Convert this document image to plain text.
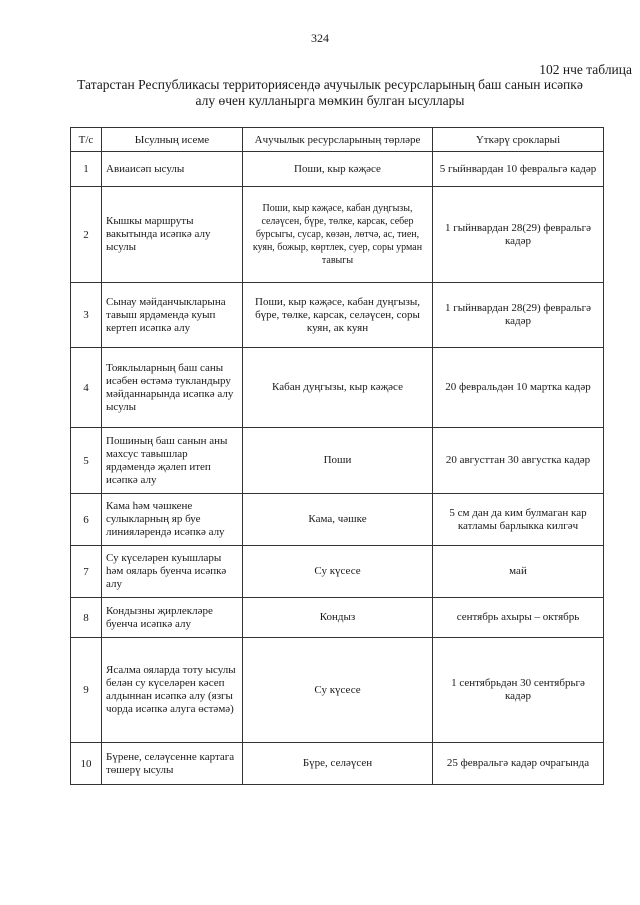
324
102 нче таблица
Татарстан Республикасы территориясендә ачучылык ресурсларының баш санын исәпкә алу өчен кулланырга мөмкин булган ысуллары
Т/с	Ысулның исеме	Ачучылык ресурсларының төрләре	Үткәрү срокларыі
1	Авиаисәп ысулы	Поши, кыр кәҗәсе	5 гыйнвардан 10 февральгә кадәр
2	Кышкы маршруты вакытында исәпкә алу ысулы	Поши, кыр кәҗәсе, кабан дуңгызы, селәүсен, бүре, төлке, карсак, себер бурсыгы, сусар, көзән, лөтчә, ас, тиен, куян, божыр, көртлек, суер, соры урман тавыгы	1 гыйнвардан 28(29) февральгә кадәр
3	Сынау мәйданчыкларына тавыш ярдәмендә куып кертеп исәпкә алу	Поши, кыр кәҗәсе, кабан дуңгызы, бүре, төлке, карсак, селәүсен, соры куян, ак куян	1 гыйнвардан 28(29) февральгә кадәр
4	Тояклыларның баш саны исәбен өстәмә тукландыру мәйданнарында исәпкә алу ысулы	Кабан дуңгызы, кыр кәҗәсе	20 февральдән 10 мартка кадәр
5	Пошиның баш санын аны махсус тавышлар ярдәмендә җәлеп итеп исәпкә алу	Поши	20 августтан 30 августка кадәр
6	Кама һәм чәшкене сулыкларның яр буе линияләрендә исәпкә алу	Кама, чәшке	5 см дан да ким булмаган кар катламы барлыкка килгәч
7	Су күселәрен куышлары һәм ояларь буенча исәпкә алу	Су күсесе	май
8	Кондызны җирлекләре буенча исәпкә алу	Кондыз	сентябрь ахыры – октябрь
9	Ясалма ояларда тоту ысулы белән су күселәрен кәсеп алдыннан исәпкә алу (язгы чорда исәпкә алуга өстәмә)	Су күсесе	1 сентябрьдән 30 сентябрьгә кадәр
10	Бүрене, селәүсенне картага төшерү ысулы	Бүре, селәүсен	25 февральгә кадәр очрагында
